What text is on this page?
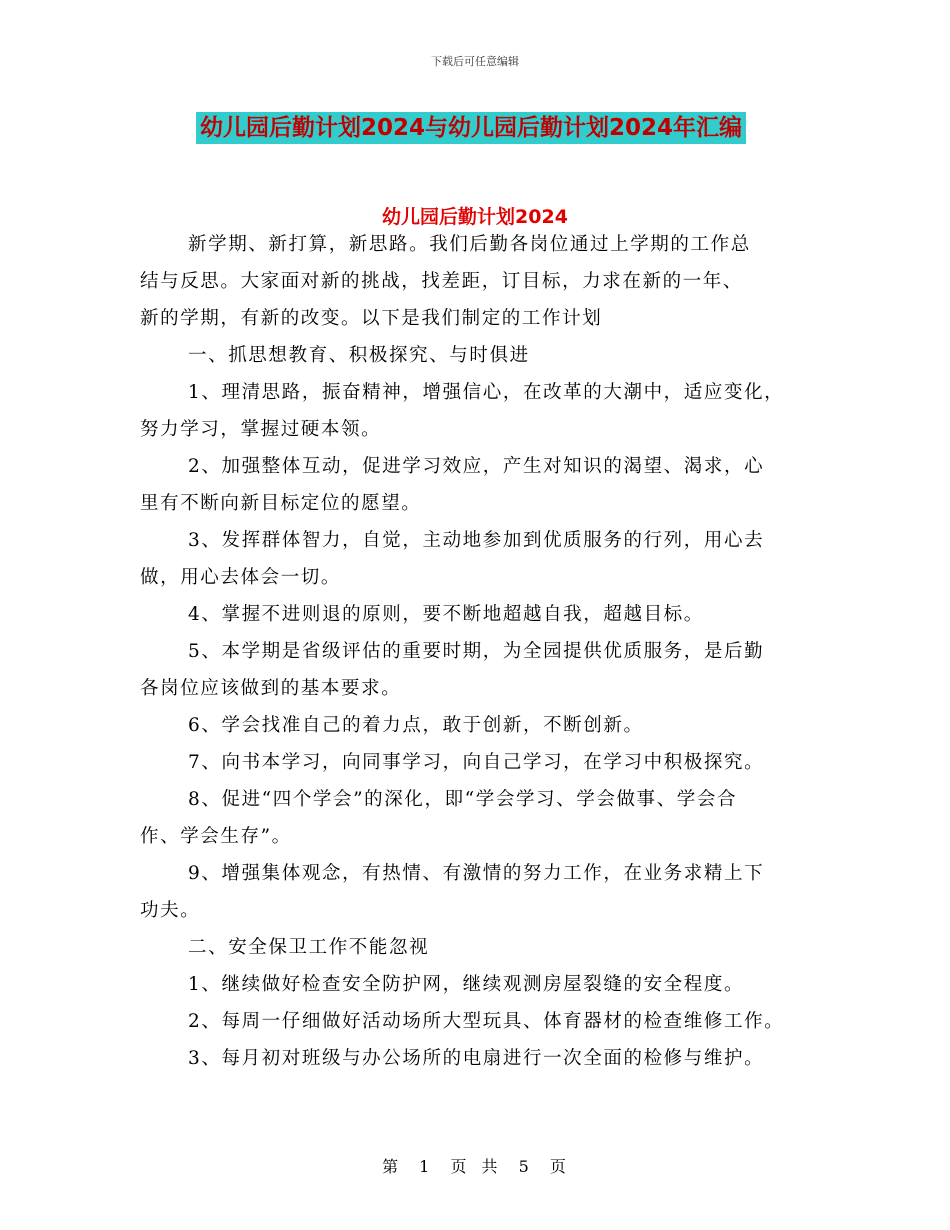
下载后可任意编辑
幼儿园后勤计划2024与幼儿园后勤计划2024年汇编
幼儿园后勤计划2024
新学期、新打算，新思路。我们后勤各岗位通过上学期的工作总
结与反思。大家面对新的挑战，找差距，订目标，力求在新的一年、
新的学期，有新的改变。以下是我们制定的工作计划
一、抓思想教育、积极探究、与时俱进
1、理清思路，振奋精神，增强信心，在改革的大潮中，适应变化，
努力学习，掌握过硬本领。
2、加强整体互动，促进学习效应，产生对知识的渴望、渴求，心
里有不断向新目标定位的愿望。
3、发挥群体智力，自觉，主动地参加到优质服务的行列，用心去
做，用心去体会一切。
4、掌握不进则退的原则，要不断地超越自我，超越目标。
5、本学期是省级评估的重要时期，为全园提供优质服务，是后勤
各岗位应该做到的基本要求。
6、学会找准自己的着力点，敢于创新，不断创新。
7、向书本学习，向同事学习，向自己学习，在学习中积极探究。
8、促进“四个学会”的深化，即“学会学习、学会做事、学会合
作、学会生存”。
9、增强集体观念，有热情、有激情的努力工作，在业务求精上下
功夫。
二、安全保卫工作不能忽视
1、继续做好检查安全防护网，继续观测房屋裂缝的安全程度。
2、每周一仔细做好活动场所大型玩具、体育器材的检查维修工作。
3、每月初对班级与办公场所的电扇进行一次全面的检修与维护。
第 1 页 共 5 页
